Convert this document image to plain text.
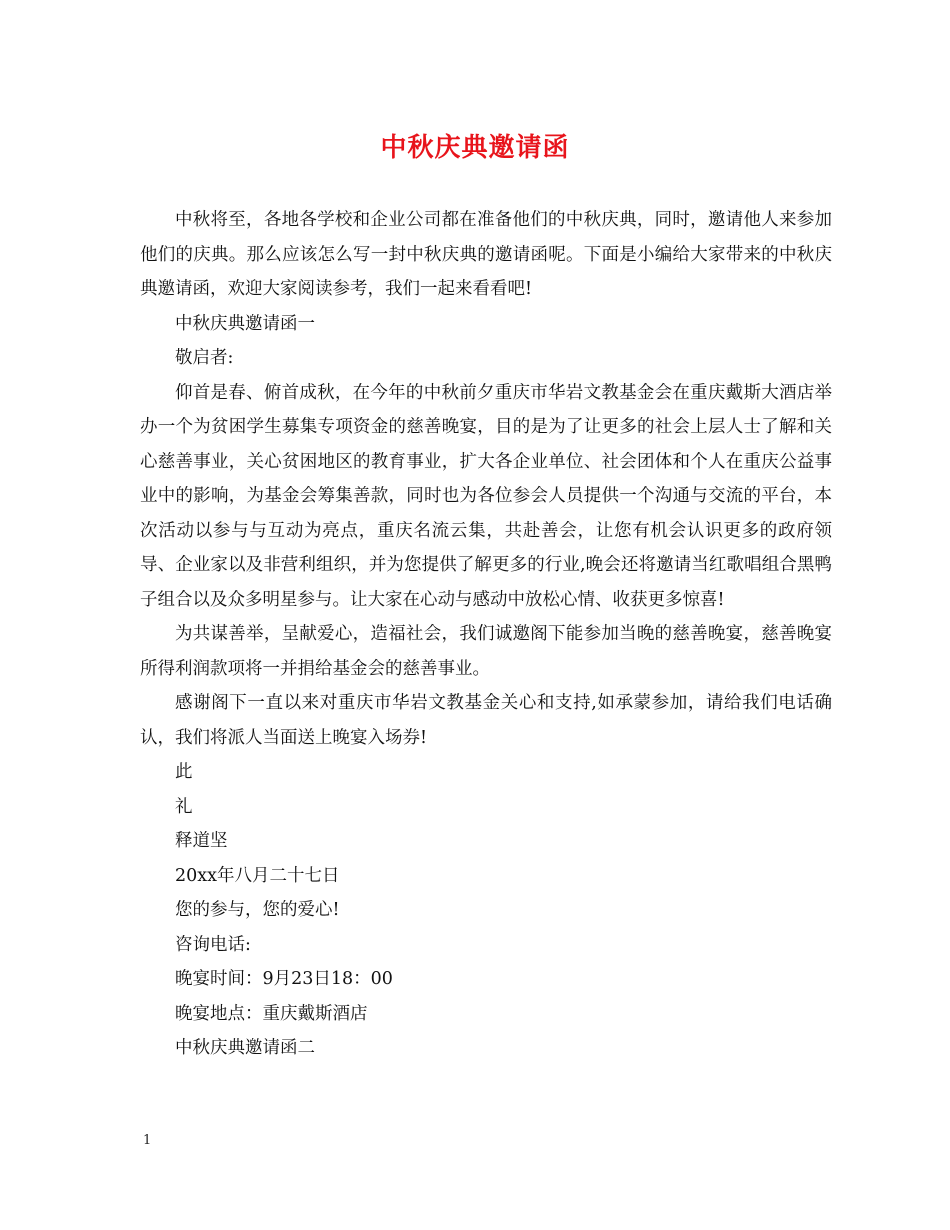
中秋庆典邀请函

中秋将至，各地各学校和企业公司都在准备他们的中秋庆典，同时，邀请他人来参加他们的庆典。那么应该怎么写一封中秋庆典的邀请函呢。下面是小编给大家带来的中秋庆典邀请函，欢迎大家阅读参考，我们一起来看看吧!

中秋庆典邀请函一

敬启者:

仰首是春、俯首成秋，在今年的中秋前夕重庆市华岩文教基金会在重庆戴斯大酒店举办一个为贫困学生募集专项资金的慈善晚宴，目的是为了让更多的社会上层人士了解和关心慈善事业，关心贫困地区的教育事业，扩大各企业单位、社会团体和个人在重庆公益事业中的影响，为基金会筹集善款，同时也为各位参会人员提供一个沟通与交流的平台，本次活动以参与与互动为亮点，重庆名流云集，共赴善会，让您有机会认识更多的政府领导、企业家以及非营利组织，并为您提供了解更多的行业,晚会还将邀请当红歌唱组合黑鸭子组合以及众多明星参与。让大家在心动与感动中放松心情、收获更多惊喜!

为共谋善举，呈献爱心，造福社会，我们诚邀阁下能参加当晚的慈善晚宴，慈善晚宴所得利润款项将一并捐给基金会的慈善事业。

感谢阁下一直以来对重庆市华岩文教基金关心和支持,如承蒙参加，请给我们电话确认，我们将派人当面送上晚宴入场券!

此

礼

释道坚

20xx年八月二十七日

您的参与，您的爱心!

咨询电话:

晚宴时间：9月23日18：00

晚宴地点：重庆戴斯酒店

中秋庆典邀请函二

1
